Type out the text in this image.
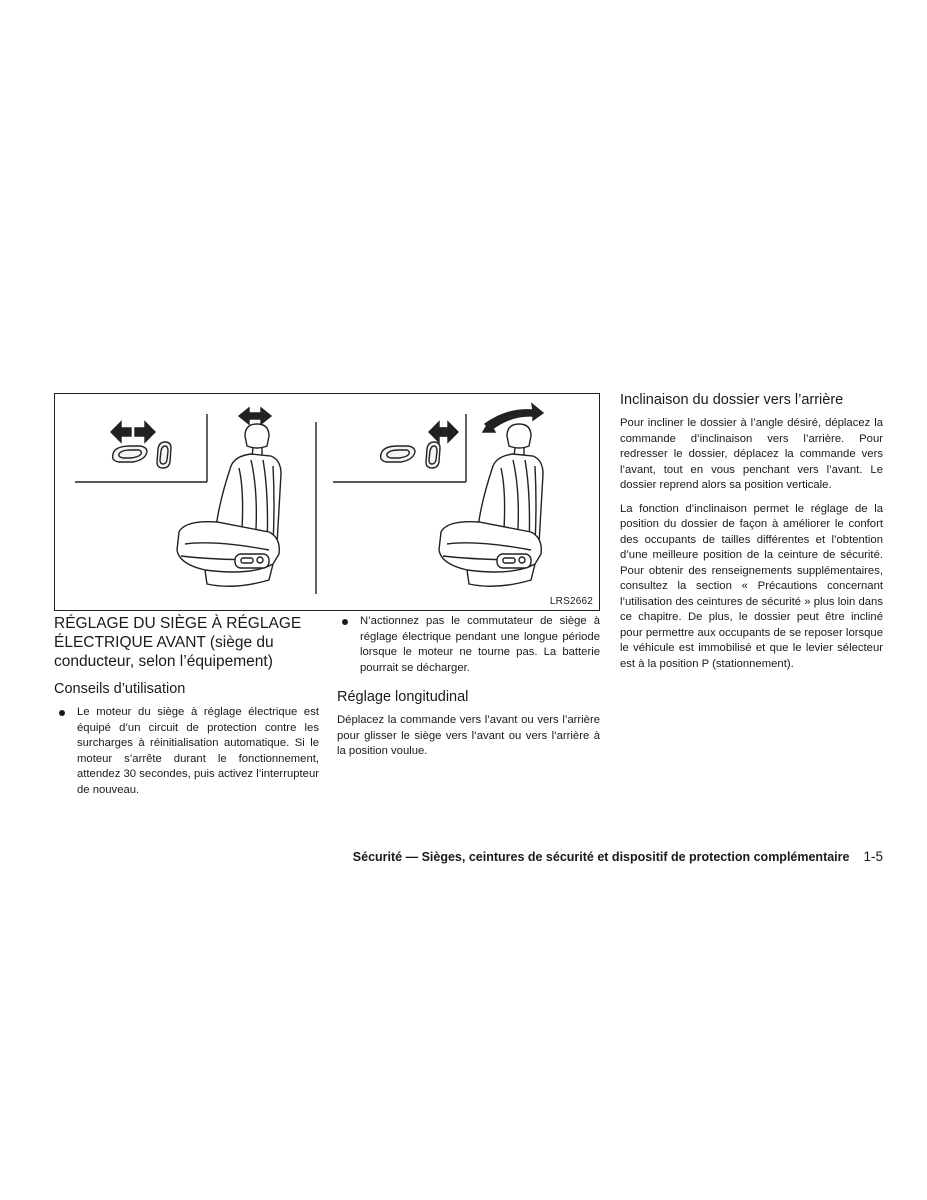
LRS2662
RÉGLAGE DU SIÈGE À RÉGLAGE ÉLECTRIQUE AVANT (siège du conducteur, selon l’équipement)
Conseils d’utilisation
Le moteur du siège à réglage électrique est équipé d’un circuit de protection contre les surcharges à réinitialisation automatique. Si le moteur s’arrête durant le fonctionnement, attendez 30 secondes, puis activez l’interrupteur de nouveau.
N’actionnez pas le commutateur de siège à réglage électrique pendant une longue période lorsque le moteur ne tourne pas. La batterie pourrait se décharger.
Réglage longitudinal

Déplacez la commande vers l’avant ou vers l’arrière pour glisser le siège vers l’avant ou vers l’arrière à la position voulue.

Inclinaison du dossier vers l’arrière

Pour incliner le dossier à l’angle désiré, déplacez la commande d’inclinaison vers l’arrière. Pour redresser le dossier, déplacez la commande vers l’avant, tout en vous penchant vers l’avant. Le dossier reprend alors sa position verticale.

La fonction d’inclinaison permet le réglage de la position du dossier de façon à améliorer le confort des occupants de tailles différentes et l’obtention d’une meilleure position de la ceinture de sécurité. Pour obtenir des renseignements supplémentaires, consultez la section « Précautions concernant l’utilisation des ceintures de sécurité » plus loin dans ce chapitre. De plus, le dossier peut être incliné pour permettre aux occupants de se reposer lorsque le véhicule est immobilisé et que le levier sélecteur est à la position P (stationnement).

Sécurité — Sièges, ceintures de sécurité et dispositif de protection complémentaire 1-5
